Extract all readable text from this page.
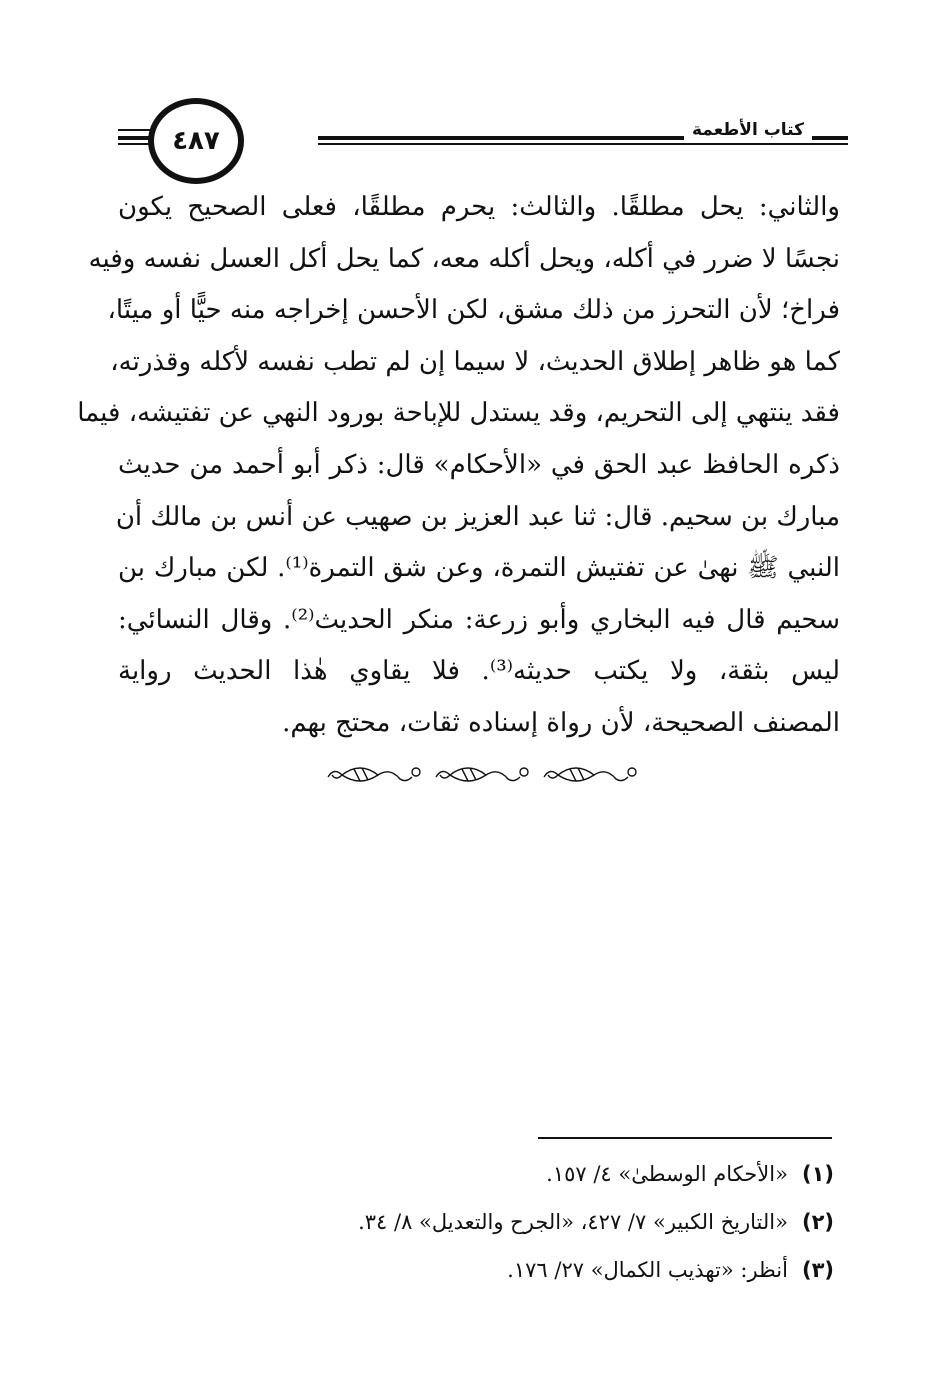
٤٨٧	كتاب الأطعمة
والثاني: يحل مطلقًا. والثالث: يحرم مطلقًا، فعلى الصحيح يكون
نجسًا لا ضرر في أكله، ويحل أكله معه، كما يحل أكل العسل نفسه وفيه
فراخ؛ لأن التحرز من ذلك مشق، لكن الأحسن إخراجه منه حيًّا أو ميتًا،
كما هو ظاهر إطلاق الحديث، لا سيما إن لم تطب نفسه لأكله وقذرته،
فقد ينتهي إلى التحريم، وقد يستدل للإباحة بورود النهي عن تفتيشه، فيما
ذكره الحافظ عبد الحق في «الأحكام» قال: ذكر أبو أحمد من حديث
مبارك بن سحيم. قال: ثنا عبد العزيز بن صهيب عن أنس بن مالك أن
النبي ﷺ نهىٰ عن تفتيش التمرة، وعن شق التمرة⁽¹⁾. لكن مبارك بن
سحيم قال فيه البخاري وأبو زرعة: منكر الحديث⁽²⁾. وقال النسائي:
ليس بثقة، ولا يكتب حديثه⁽³⁾. فلا يقاوي هٰذا الحديث رواية
المصنف الصحيحة، لأن رواة إسناده ثقات، محتج بهم.
(١)«الأحكام الوسطىٰ» ٤/ ١٥٧.
(٢)«التاريخ الكبير» ٧/ ٤٢٧، «الجرح والتعديل» ٨/ ٣٤.
(٣)أنظر: «تهذيب الكمال» ٢٧/ ١٧٦.
